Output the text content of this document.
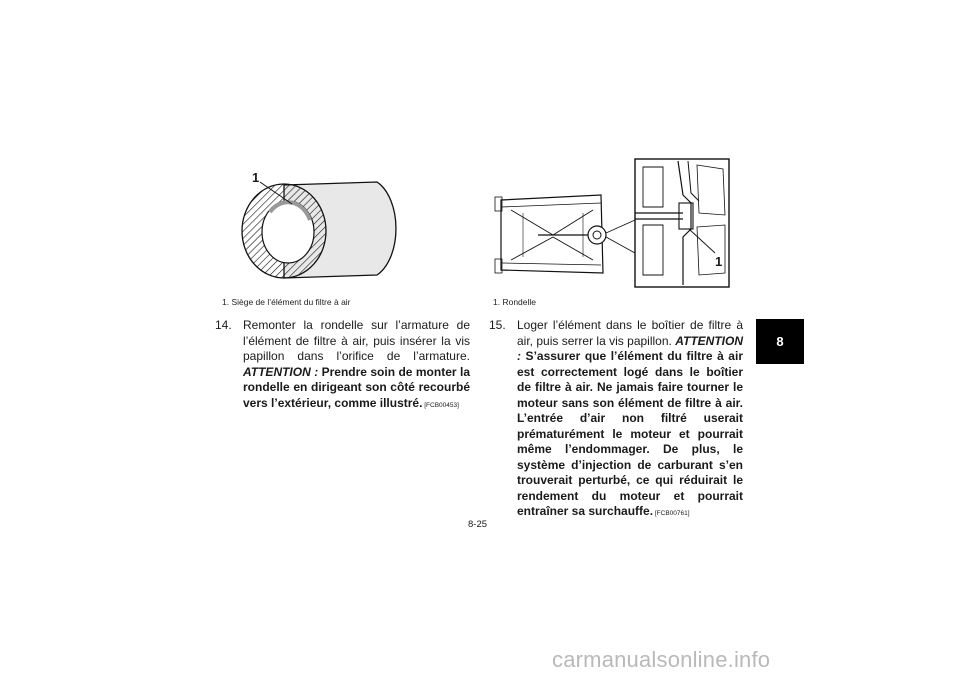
1
1. Siège de l’élément du filtre à air
1
1. Rondelle
14. Remonter la rondelle sur l’armature de l’élément de filtre à air, puis insérer la vis papillon dans l’orifice de l’armature. ATTENTION : Prendre soin de monter la rondelle en dirigeant son côté recourbé vers l’extérieur, comme illustré. [FCB00453]
15. Loger l’élément dans le boîtier de filtre à air, puis serrer la vis papillon. ATTENTION : S’assurer que l’élément du filtre à air est correctement logé dans le boîtier de filtre à air. Ne jamais faire tourner le moteur sans son élément de filtre à air. L’entrée d’air non filtré userait prématurément le moteur et pourrait même l’endommager. De plus, le système d’injection de carburant s’en trouverait perturbé, ce qui réduirait le rendement du moteur et pourrait entraîner sa surchauffe. [FCB00761]
8-25
8
carmanualsonline.info
